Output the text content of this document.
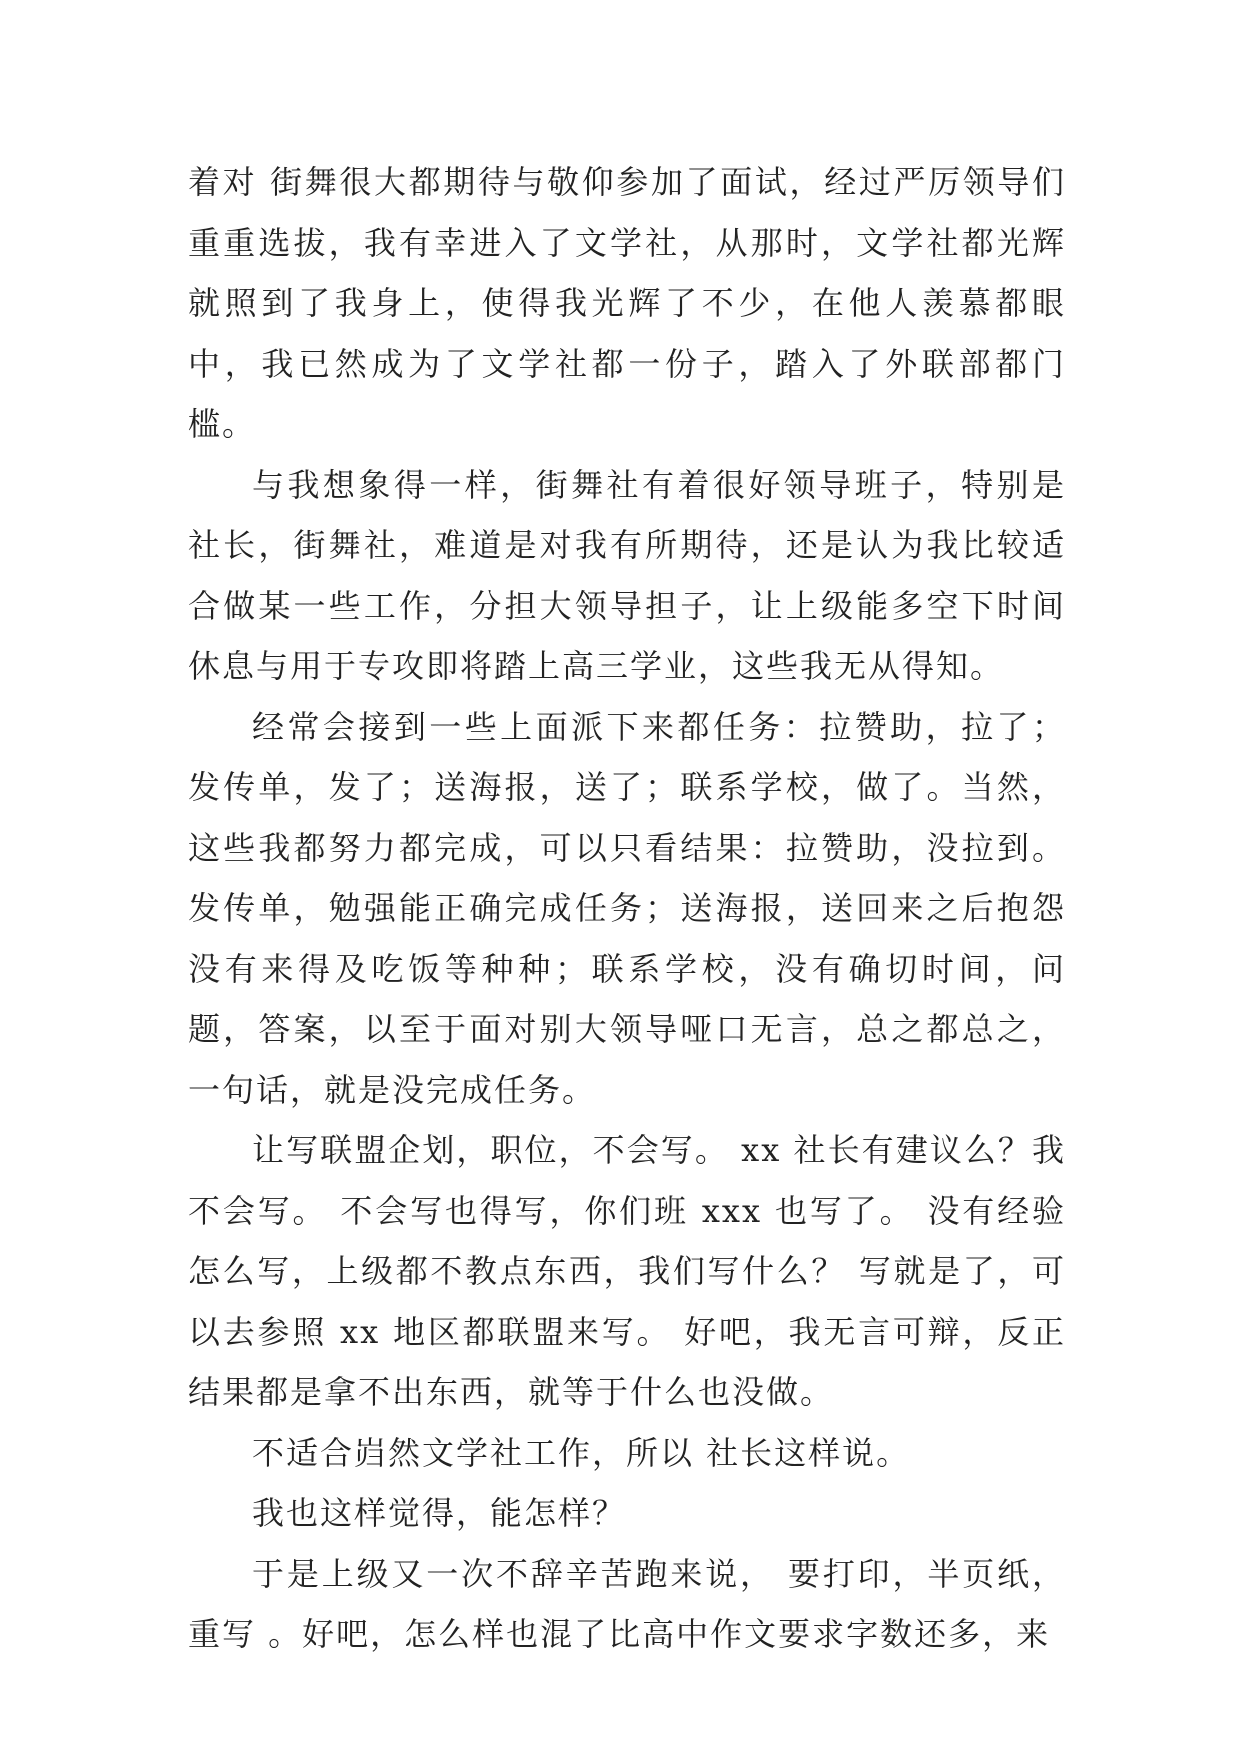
着对 街舞很大都期待与敬仰参加了面试，经过严厉领导们重重选拔，我有幸进入了文学社，从那时，文学社都光辉就照到了我身上，使得我光辉了不少，在他人羡慕都眼中，我已然成为了文学社都一份子，踏入了外联部都门槛。

与我想象得一样，街舞社有着很好领导班子，特别是社长，街舞社，难道是对我有所期待，还是认为我比较适合做某一些工作，分担大领导担子，让上级能多空下时间休息与用于专攻即将踏上高三学业，这些我无从得知。

经常会接到一些上面派下来都任务：拉赞助，拉了；发传单，发了；送海报，送了；联系学校，做了。当然，这些我都努力都完成，可以只看结果：拉赞助，没拉到。发传单，勉强能正确完成任务；送海报，送回来之后抱怨没有来得及吃饭等种种；联系学校，没有确切时间，问题，答案，以至于面对别大领导哑口无言，总之都总之，一句话，就是没完成任务。

让写联盟企划，职位，不会写。 xx 社长有建议么？我不会写。 不会写也得写，你们班 xxx 也写了。 没有经验怎么写，上级都不教点东西，我们写什么？ 写就是了，可以去参照 xx 地区都联盟来写。 好吧，我无言可辩，反正结果都是拿不出东西，就等于什么也没做。

不适合岿然文学社工作，所以 社长这样说。

我也这样觉得，能怎样？

于是上级又一次不辞辛苦跑来说， 要打印，半页纸，重写 。好吧，怎么样也混了比高中作文要求字数还多，来
